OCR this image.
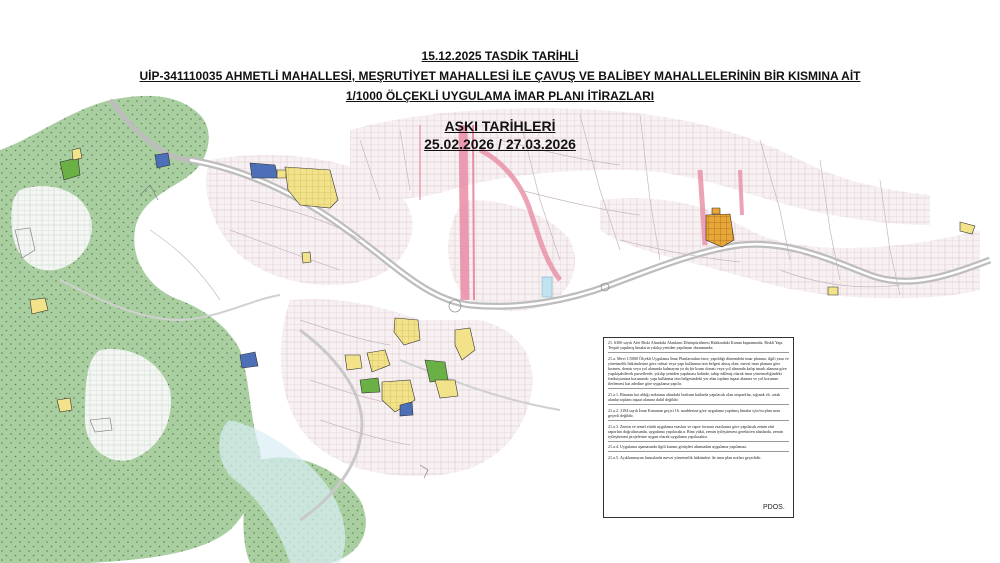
15.12.2025 TASDİK TARİHLİ
UİP-341110035 AHMETLİ MAHALLESİ, MEŞRUTİYET MAHALLESİ İLE ÇAVUŞ VE BALİBEY MAHALLELERİNİN BİR KISMINA AİT
1/1000 ÖLÇEKLİ UYGULAMA İMAR PLANI İTİRAZLARI
ASKI TARİHLERİ
25.02.2026 / 27.03.2026

21. 6306 sayılı Afet Riski Altındaki Alanların Dönüştürülmesi Hakkındaki Kanun kapsamında, Riskli Yapı Tespiti yapılmış binaların yıkılıp yeniden yapılması durumunda;

21.a. Mevi 1/5000 Ölçekli Uygulama İmar Planlarından önce, yapıldığı dönemdeki imar planına, ilgili yasa ve yönetmelik hükümlerine göre ruhsat veya yapı kullanma izin belgesi alınış olan; mevzi imar planına göre kısmen, donatı veya yol alanında kalmayan ya da bir kısmı donatı veya yol alanında kalıp imarlı alanına göre yapılaşabilecek parsellerde; yıkılıp yeniden yapılması halinde, tabip edilmiş olarak imar yönetmeliğindeki fonksiyonuna korunarak; yapı kullanma izin belgesindeki yer alan toplam inşaat alanına ve yol korunan ilerlemesi kat adedine göre uygulama yapılır.

21.a.1. Binanın kot aldığı noktanın altındaki bodrum katlarda yapılacak olan otoparklar, sığınak vb. ortak alanlar toplam inşaat alanına dahil değildir.

21.a.2. 3194 sayılı İmar Kanunun geçici 16. maddesine göre uygulama yapılmış binalar için bu plan notu geçerli değildir.

21.a.3. Zemin ve temel etüdü uygulama esasları ve rapor formatı esaslarına göre yapılacak zemin etüt raporları doğrultusunda, uygulama yapılacaktır. Bina yükü, zemin iyileştirmesi gerektiren alanlarda, zemin iyileştirmesi projelerine uygun olarak uygulama yapılacaktır.

21.a.4. Uygulama aşamasında ilgili kurum görüşleri alınmadan uygulama yapılamaz.

21.a.5. Açıklanmayan hususlarda mevzi yönetmelik hükümleri ile imar plan notları geçerlidir.

PDOS.
